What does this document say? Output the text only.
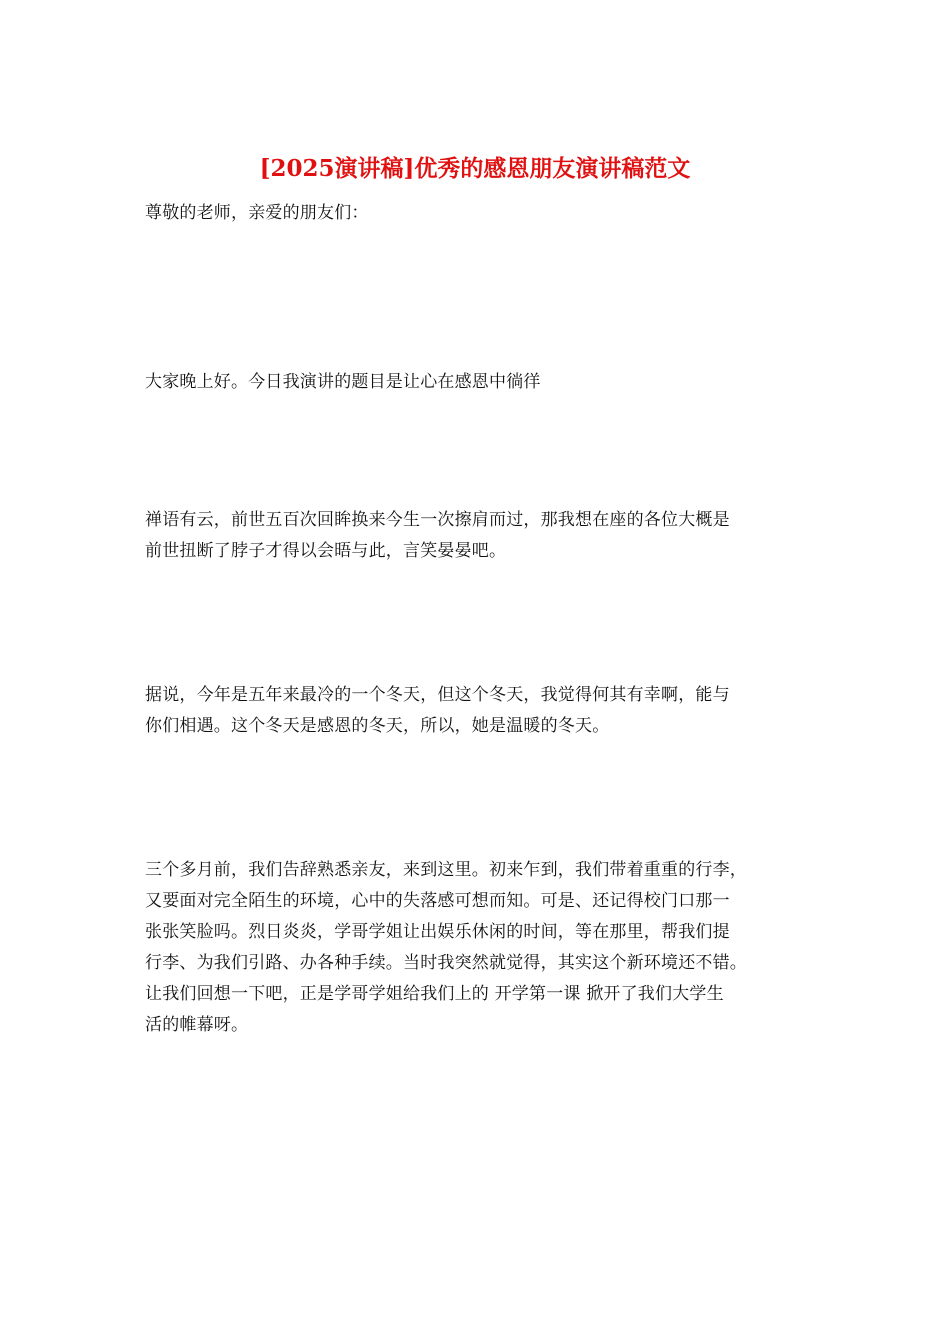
[2025演讲稿]优秀的感恩朋友演讲稿范文

尊敬的老师，亲爱的朋友们：

大家晚上好。今日我演讲的题目是让心在感恩中徜徉

禅语有云，前世五百次回眸换来今生一次擦肩而过，那我想在座的各位大概是
前世扭断了脖子才得以会晤与此，言笑晏晏吧。

据说，今年是五年来最冷的一个冬天，但这个冬天，我觉得何其有幸啊，能与
你们相遇。这个冬天是感恩的冬天，所以，她是温暖的冬天。

三个多月前，我们告辞熟悉亲友，来到这里。初来乍到，我们带着重重的行李，
又要面对完全陌生的环境，心中的失落感可想而知。可是、还记得校门口那一
张张笑脸吗。烈日炎炎，学哥学姐让出娱乐休闲的时间，等在那里，帮我们提
行李、为我们引路、办各种手续。当时我突然就觉得，其实这个新环境还不错。
让我们回想一下吧，正是学哥学姐给我们上的 开学第一课 掀开了我们大学生
活的帷幕呀。
